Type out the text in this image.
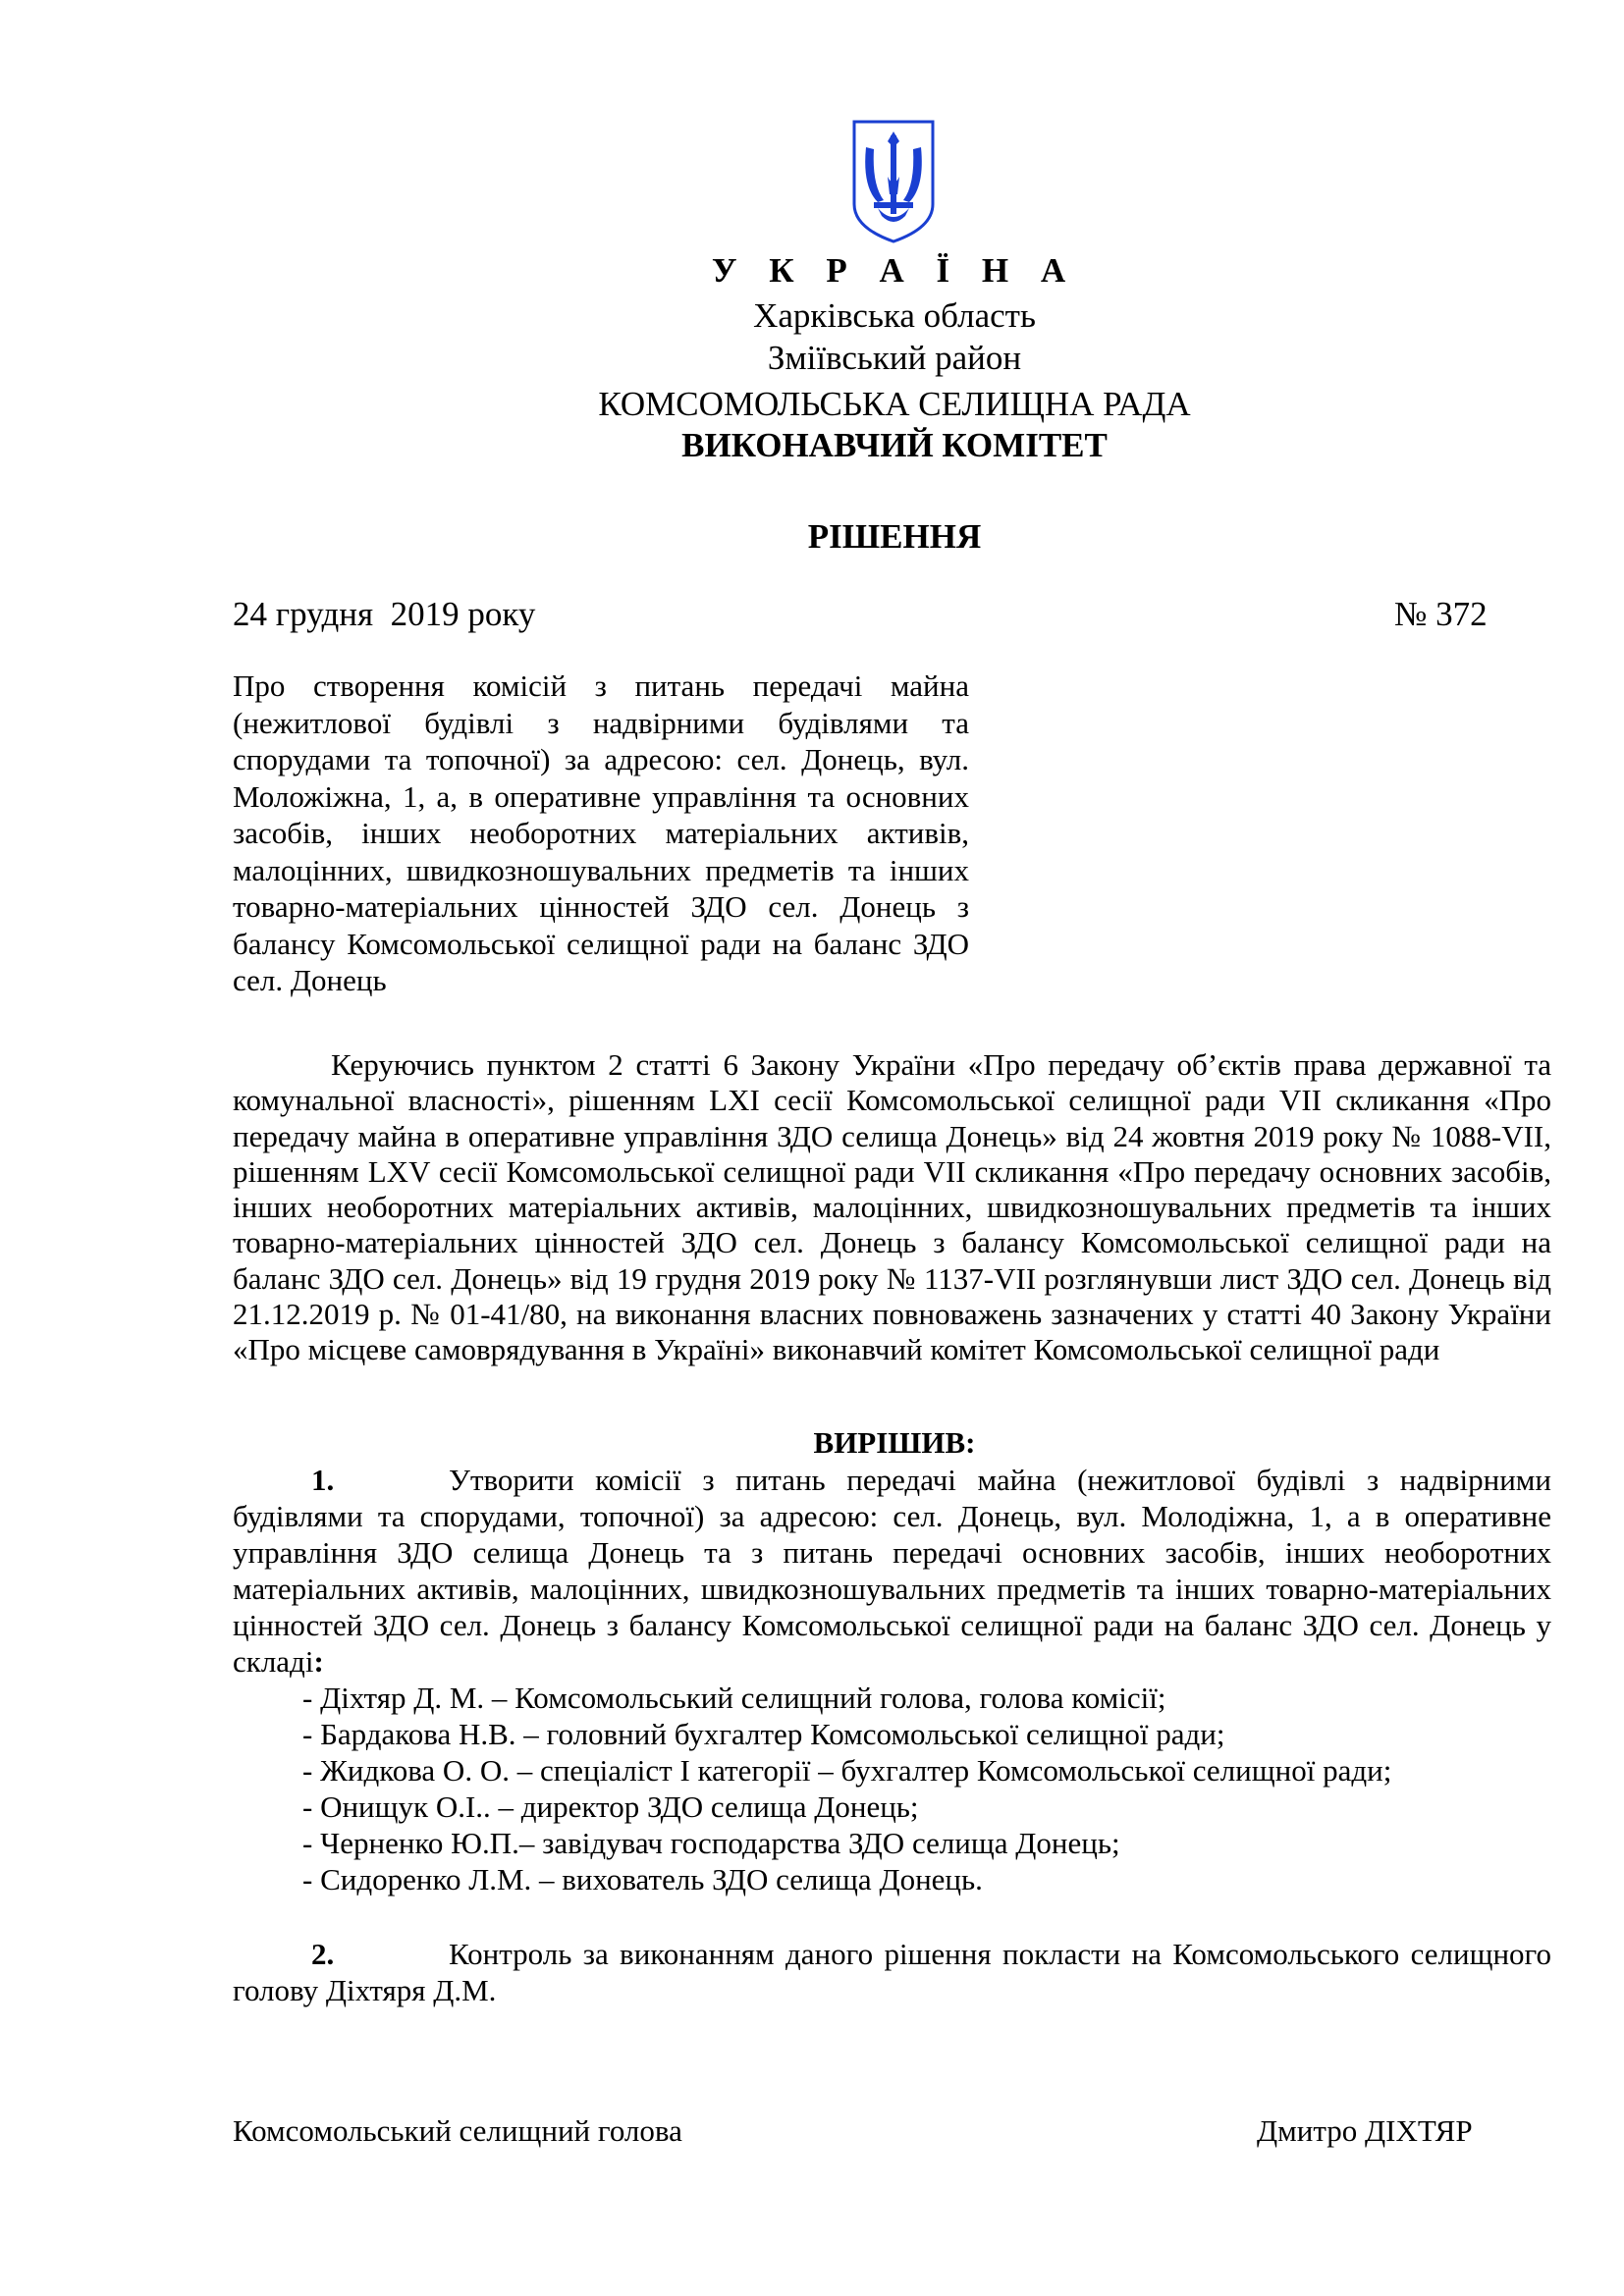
У К Р А Ї Н А
Харківська область
Зміївський район
КОМСОМОЛЬСЬКА СЕЛИЩНА РАДА
ВИКОНАВЧИЙ КОМІТЕТ
РІШЕННЯ
24 грудня  2019 року	№ 372
Про створення комісій з питань передачі майна (нежитлової будівлі з надвірними будівлями та спорудами та топочної) за адресою: сел. Донець, вул. Моложіжна, 1, а, в оперативне управління та основних засобів, інших необоротних матеріальних активів, малоцінних, швидкозношувальних предметів та інших товарно-матеріальних цінностей ЗДО сел. Донець з балансу Комсомольської селищної ради на баланс ЗДО сел. Донець
Керуючись пунктом 2 статті 6 Закону України «Про передачу об’єктів права державної та комунальної власності», рішенням LXI сесії Комсомольської селищної ради VII скликання «Про передачу майна в оперативне управління ЗДО селища Донець» від 24 жовтня 2019 року № 1088-VII, рішенням LXV сесії Комсомольської селищної ради VII скликання «Про передачу основних засобів, інших необоротних матеріальних активів, малоцінних, швидкозношувальних предметів та інших товарно-матеріальних цінностей ЗДО сел. Донець з балансу Комсомольської селищної ради на баланс ЗДО сел. Донець» від 19 грудня 2019 року № 1137-VII розглянувши лист ЗДО сел. Донець від 21.12.2019 р. № 01-41/80, на виконання власних повноважень зазначених у статті 40 Закону України «Про місцеве самоврядування в Україні» виконавчий комітет Комсомольської селищної ради
ВИРІШИВ:
1.	Утворити комісії з питань передачі майна (нежитлової будівлі з надвірними будівлями та спорудами, топочної) за адресою: сел. Донець, вул. Молодіжна, 1, а в оперативне управління ЗДО селища Донець та з питань передачі основних засобів, інших необоротних матеріальних активів, малоцінних, швидкозношувальних предметів та інших товарно-матеріальних цінностей ЗДО сел. Донець з балансу Комсомольської селищної ради на баланс ЗДО сел. Донець у складі:
- Діхтяр Д. М. – Комсомольський селищний голова, голова комісії;
- Бардакова Н.В. – головний бухгалтер Комсомольської селищної ради;
- Жидкова О. О. – спеціаліст І категорії – бухгалтер Комсомольської селищної ради;
- Онищук О.І.. – директор ЗДО селища Донець;
- Черненко Ю.П.– завідувач господарства ЗДО селища Донець;
- Сидоренко Л.М. – вихователь ЗДО селища Донець.
2.	Контроль за виконанням даного рішення покласти на Комсомольського селищного голову Діхтяря Д.М.
Комсомольський селищний голова	Дмитро ДІХТЯР
